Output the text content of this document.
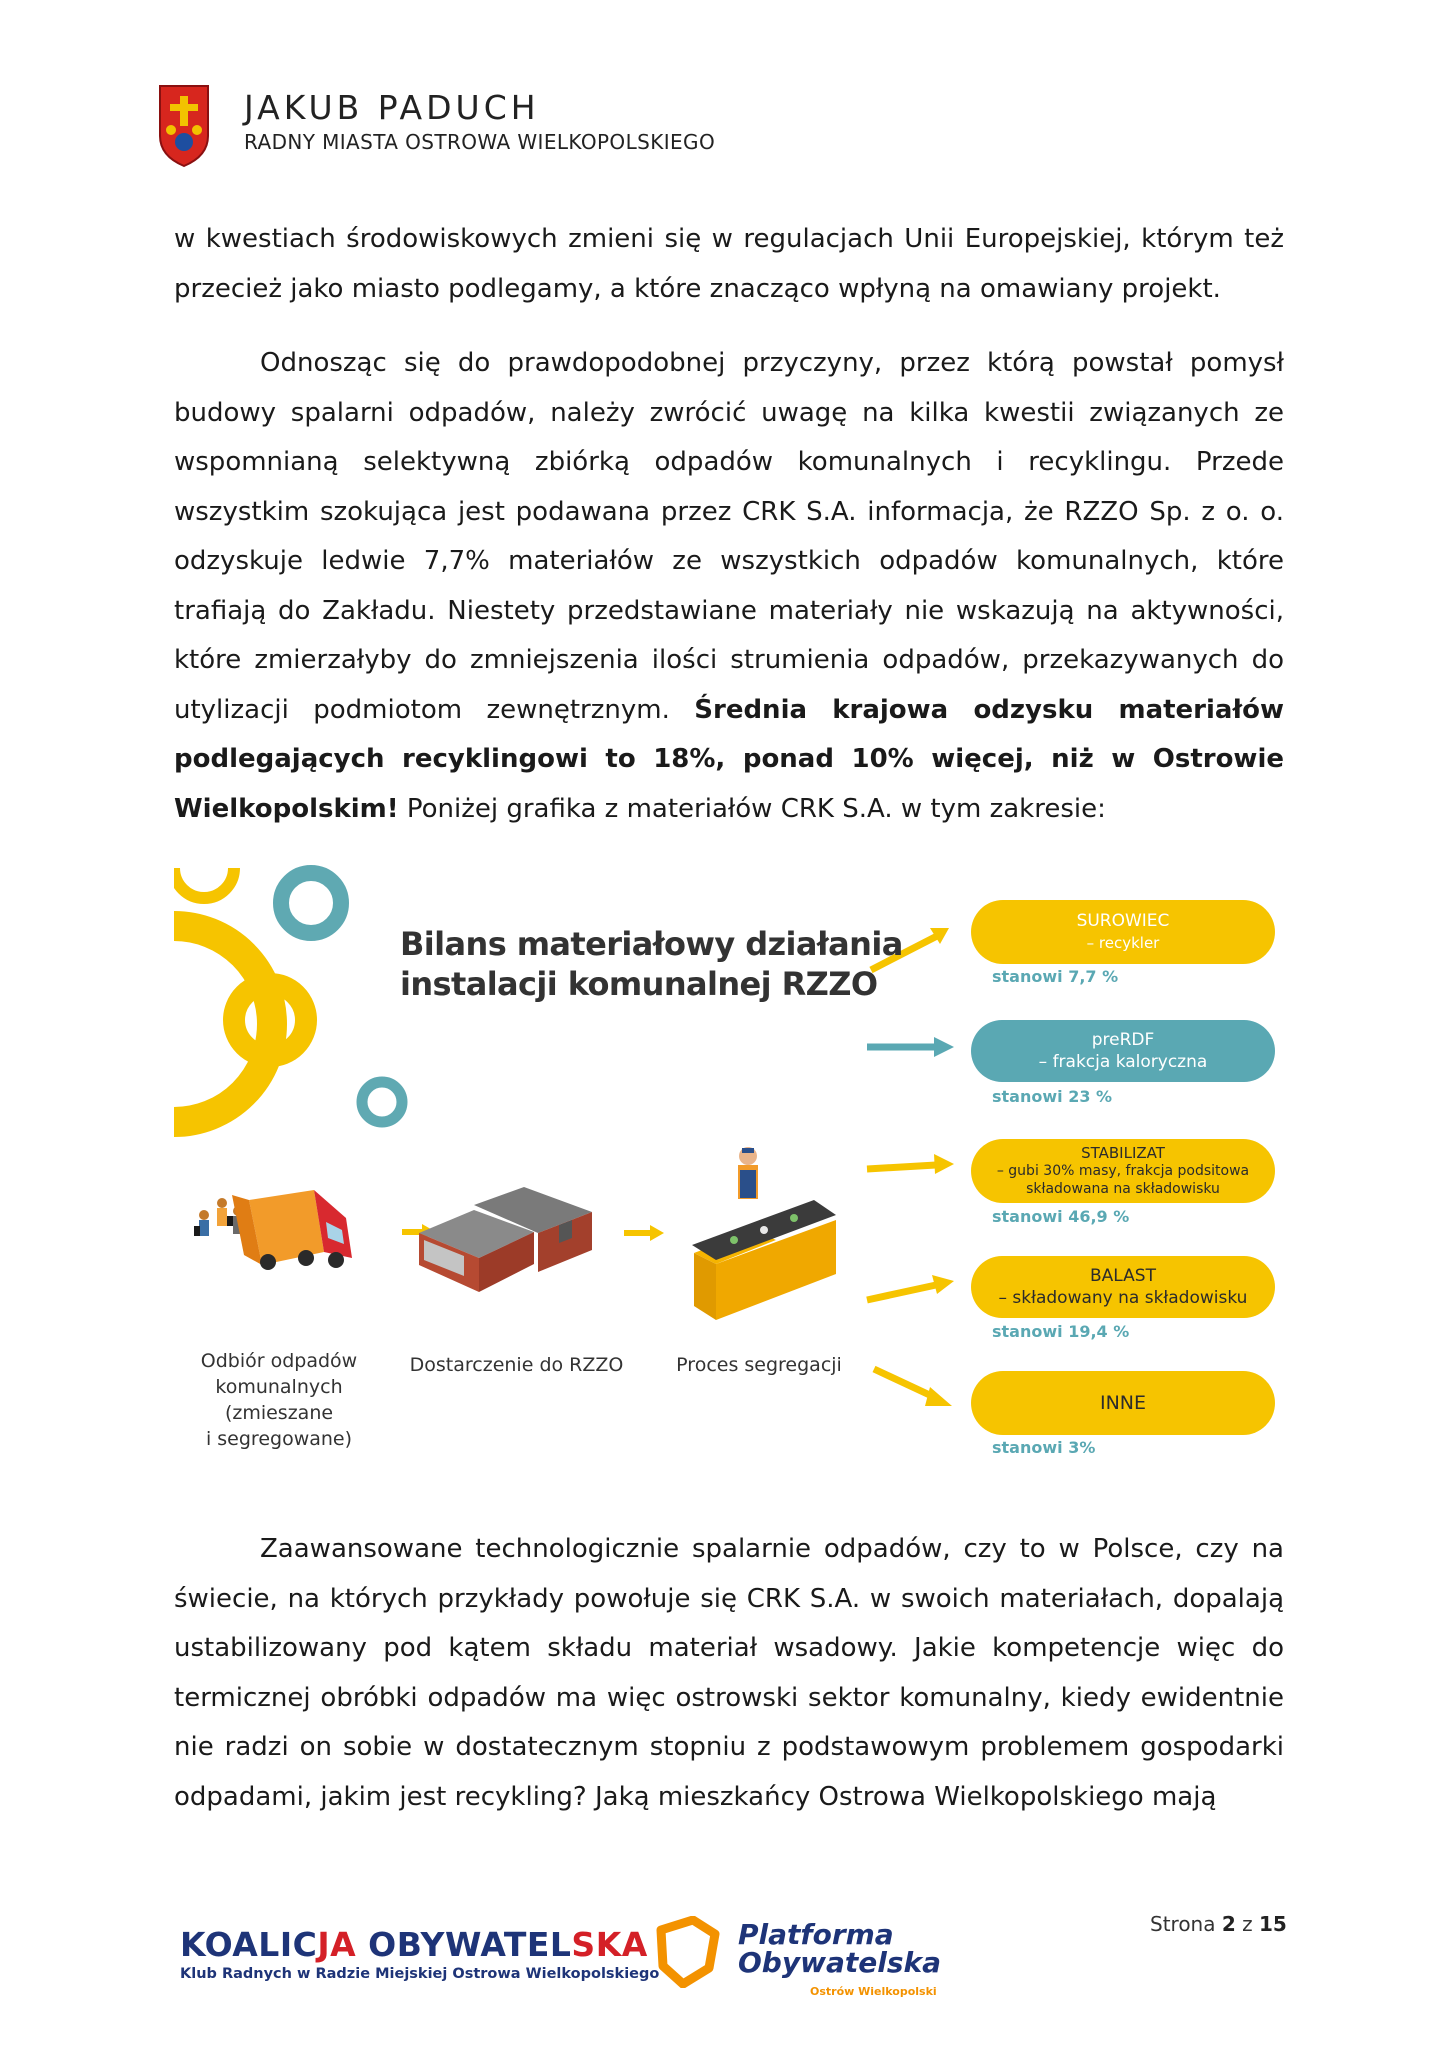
JAKUB PADUCH
RADNY MIASTA OSTROWA WIELKOPOLSKIEGO

w kwestiach środowiskowych zmieni się w regulacjach Unii Europejskiej, którym też przecież jako miasto podlegamy, a które znacząco wpłyną na omawiany projekt.

Odnosząc się do prawdopodobnej przyczyny, przez którą powstał pomysł budowy spalarni odpadów, należy zwrócić uwagę na kilka kwestii związanych ze wspomnianą selektywną zbiórką odpadów komunalnych i recyklingu. Przede wszystkim szokująca jest podawana przez CRK S.A. informacja, że RZZO Sp. z o. o. odzyskuje ledwie 7,7% materiałów ze wszystkich odpadów komunalnych, które trafiają do Zakładu. Niestety przedstawiane materiały nie wskazują na aktywności, które zmierzałyby do zmniejszenia ilości strumienia odpadów, przekazywanych do utylizacji podmiotom zewnętrznym. Średnia krajowa odzysku materiałów podlegających recyklingowi to 18%, ponad 10% więcej, niż w Ostrowie Wielkopolskim! Poniżej grafika z materiałów CRK S.A. w tym zakresie:

Bilans materiałowy działania
instalacji komunalnej RZZO
SUROWIEC
– recykler
stanowi 7,7 %
preRDF
– frakcja kaloryczna
stanowi 23 %
STABILIZAT
– gubi 30% masy, frakcja podsitowa
składowana na składowisku
stanowi 46,9 %
BALAST
– składowany na składowisku
stanowi 19,4 %
INNE
stanowi 3%
Odbiór odpadów
komunalnych
(zmieszane
i segregowane)
Dostarczenie do RZZO	Proces segregacji

Zaawansowane technologicznie spalarnie odpadów, czy to w Polsce, czy na świecie, na których przykłady powołuje się CRK S.A. w swoich materiałach, dopalają ustabilizowany pod kątem składu materiał wsadowy. Jakie kompetencje więc do termicznej obróbki odpadów ma więc ostrowski sektor komunalny, kiedy ewidentnie nie radzi on sobie w dostatecznym stopniu z podstawowym problemem gospodarki odpadami, jakim jest recykling? Jaką mieszkańcy Ostrowa Wielkopolskiego mają

KOALICJA OBYWATELSKA
Klub Radnych w Radzie Miejskiej Ostrowa Wielkopolskiego
Platforma
Obywatelska
Ostrów Wielkopolski
Strona 2 z 15
